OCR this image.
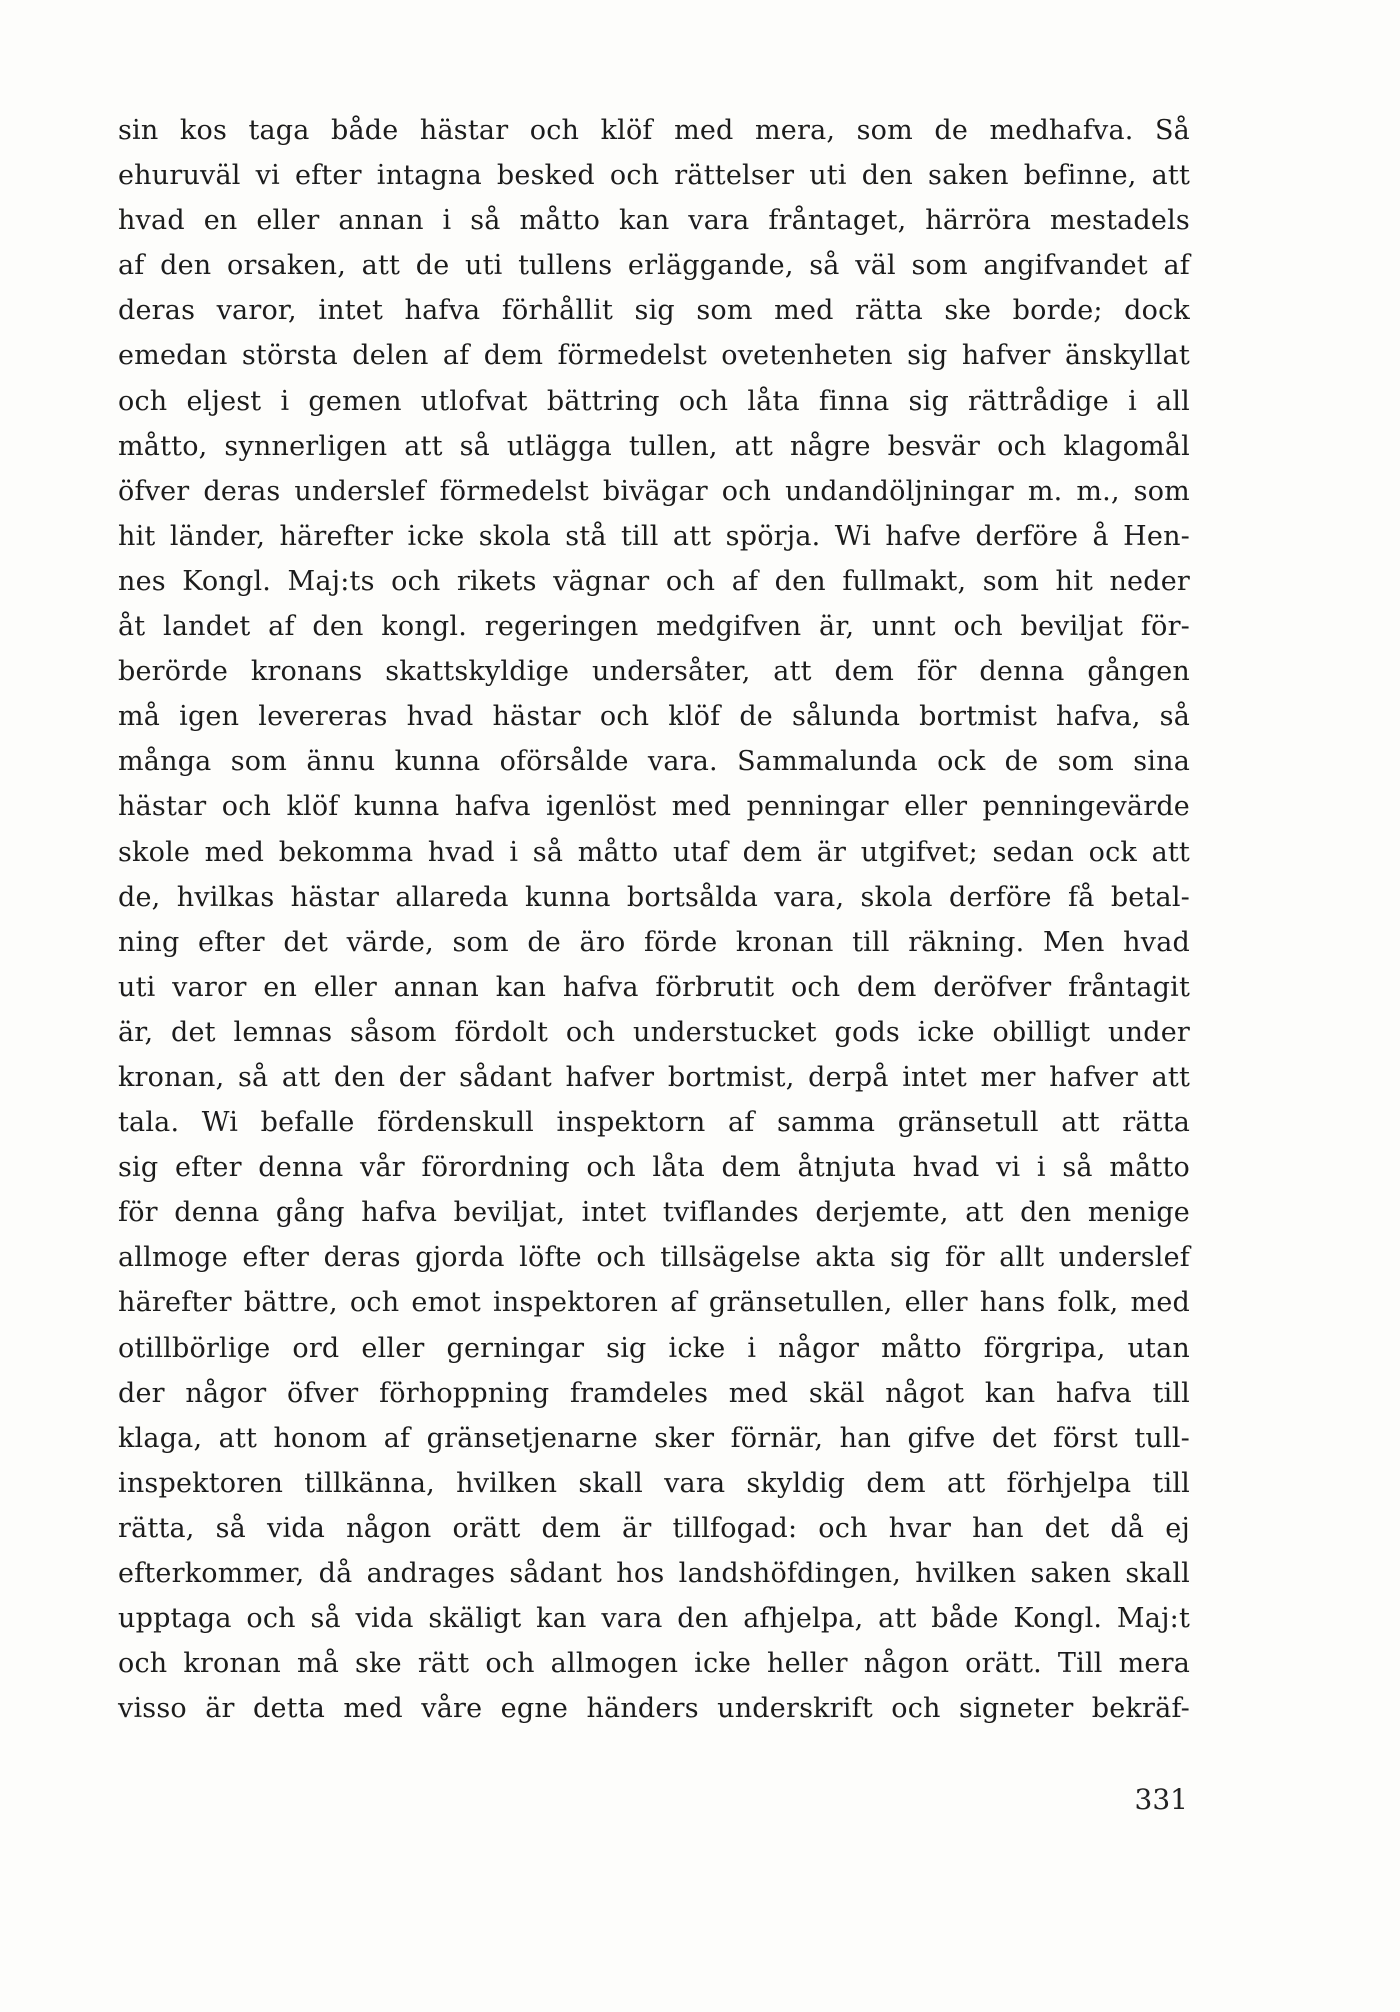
sin kos taga både hästar och klöf med mera, som de medhafva. Så
ehuruväl vi efter intagna besked och rättelser uti den saken befinne, att
hvad en eller annan i så måtto kan vara fråntaget, härröra mestadels
af den orsaken, att de uti tullens erläggande, så väl som angifvandet af
deras varor, intet hafva förhållit sig som med rätta ske borde; dock
emedan största delen af dem förmedelst ovetenheten sig hafver änskyllat
och eljest i gemen utlofvat bättring och låta finna sig rättrådige i all
måtto, synnerligen att så utlägga tullen, att någre besvär och klagomål
öfver deras underslef förmedelst bivägar och undandöljningar m. m., som
hit länder, härefter icke skola stå till att spörja. Wi hafve derföre å Hen-
nes Kongl. Maj:ts och rikets vägnar och af den fullmakt, som hit neder
åt landet af den kongl. regeringen medgifven är, unnt och beviljat för-
berörde kronans skattskyldige undersåter, att dem för denna gången
må igen levereras hvad hästar och klöf de sålunda bortmist hafva, så
många som ännu kunna oförsålde vara. Sammalunda ock de som sina
hästar och klöf kunna hafva igenlöst med penningar eller penningevärde
skole med bekomma hvad i så måtto utaf dem är utgifvet; sedan ock att
de, hvilkas hästar allareda kunna bortsålda vara, skola derföre få betal-
ning efter det värde, som de äro förde kronan till räkning. Men hvad
uti varor en eller annan kan hafva förbrutit och dem deröfver fråntagit
är, det lemnas såsom fördolt och understucket gods icke obilligt under
kronan, så att den der sådant hafver bortmist, derpå intet mer hafver att
tala. Wi befalle fördenskull inspektorn af samma gränsetull att rätta
sig efter denna vår förordning och låta dem åtnjuta hvad vi i så måtto
för denna gång hafva beviljat, intet tviflandes derjemte, att den menige
allmoge efter deras gjorda löfte och tillsägelse akta sig för allt underslef
härefter bättre, och emot inspektoren af gränsetullen, eller hans folk, med
otillbörlige ord eller gerningar sig icke i någor måtto förgripa, utan
der någor öfver förhoppning framdeles med skäl något kan hafva till
klaga, att honom af gränsetjenarne sker förnär, han gifve det först tull-
inspektoren tillkänna, hvilken skall vara skyldig dem att förhjelpa till
rätta, så vida någon orätt dem är tillfogad: och hvar han det då ej
efterkommer, då andrages sådant hos landshöfdingen, hvilken saken skall
upptaga och så vida skäligt kan vara den afhjelpa, att både Kongl. Maj:t
och kronan må ske rätt och allmogen icke heller någon orätt. Till mera
visso är detta med våre egne händers underskrift och signeter bekräf-
331
